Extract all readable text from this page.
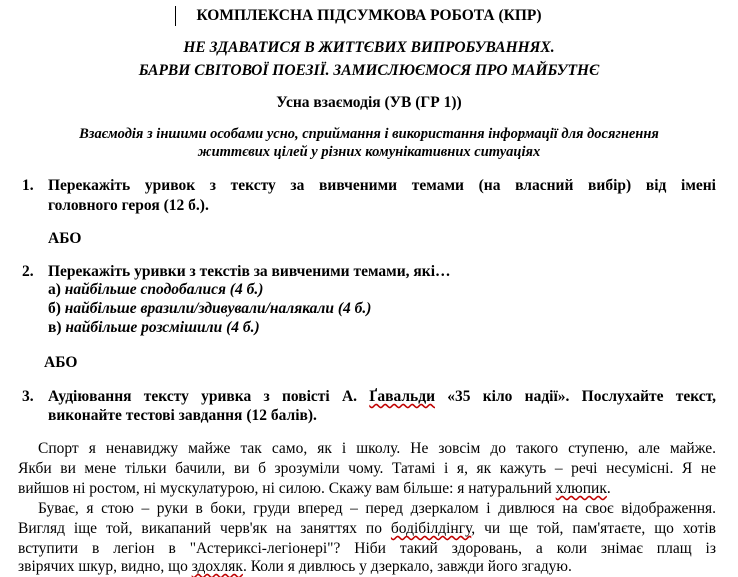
КОМПЛЕКСНА ПІДСУМКОВА РОБОТА (КПР)
НЕ ЗДАВАТИСЯ В ЖИТТЄВИХ ВИПРОБУВАННЯХ.
БАРВИ СВІТОВОЇ ПОЕЗІЇ. ЗАМИСЛЮЄМОСЯ ПРО МАЙБУТНЄ
Усна взаємодія (УВ (ГР 1))
Взаємодія з іншими особами усно, сприймання і використання інформації для досягнення
життєвих цілей у різних комунікативних ситуаціях
1. Перекажіть уривок з тексту за вивченими темами (на власний вибір) від імені
головного героя (12 б.).
АБО
2. Перекажіть уривки з текстів за вивченими темами, які…
а) найбільше сподобалися (4 б.)
б) найбільше вразили/здивували/налякали (4 б.)
в) найбільше розсмішили (4 б.)
АБО
3. Аудіювання тексту уривка з повісті А. Ґавальди «35 кіло надії». Послухайте текст,
виконайте тестові завдання (12 балів).
Спорт я ненавиджу майже так само, як і школу. Не зовсім до такого ступеню, але майже.
Якби ви мене тільки бачили, ви б зрозуміли чому. Татамі і я, як кажуть – речі несумісні. Я не
вийшов ні ростом, ні мускулатурою, ні силою. Скажу вам більше: я натуральний хлюпик.
Буває, я стою – руки в боки, груди вперед – перед дзеркалом і дивлюся на своє відображення.
Вигляд іще той, викапаний черв'як на заняттях по бодібілдінгу, чи ще той, пам'ятаєте, що хотів
вступити в легіон в "Астериксі-легіонері"? Ніби такий здоровань, а коли знімає плащ із
звірячих шкур, видно, що здохляк. Коли я дивлюсь у дзеркало, завжди його згадую.
